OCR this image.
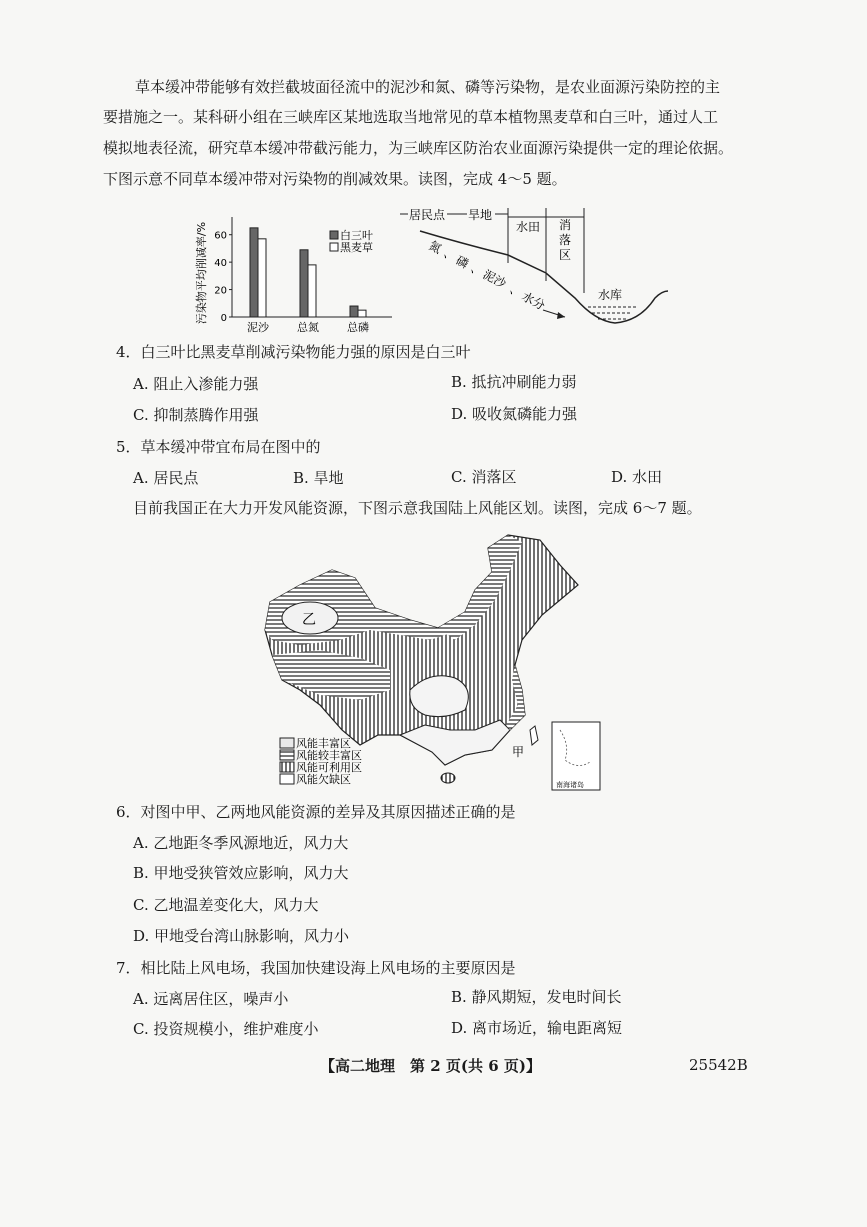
草本缓冲带能够有效拦截坡面径流中的泥沙和氮、磷等污染物，是农业面源污染防控的主
要措施之一。某科研小组在三峡库区某地选取当地常见的草本植物黑麦草和白三叶，通过人工
模拟地表径流，研究草本缓冲带截污能力，为三峡库区防治农业面源污染提供一定的理论依据。
下图示意不同草本缓冲带对污染物的削减效果。读图，完成 4～5 题。
污染物平均削减率/% 0
20
40
60
泥沙	总氮	总磷
白三叶
黑麦草
居民点 旱地
水田 消
落
区
水库
氮
、
磷
、
泥沙
、
水分
4．白三叶比黑麦草削减污染物能力强的原因是白三叶
A. 阻止入渗能力强	B. 抵抗冲刷能力弱
C. 抑制蒸腾作用强	D. 吸收氮磷能力强
5．草本缓冲带宜布局在图中的
A. 居民点	B. 旱地	C. 消落区	D. 水田
目前我国正在大力开发风能资源，下图示意我国陆上风能区划。读图，完成 6～7 题。
乙
甲
南海诸岛
风能丰富区
风能较丰富区
风能可利用区
风能欠缺区
6．对图中甲、乙两地风能资源的差异及其原因描述正确的是
A. 乙地距冬季风源地近，风力大
B. 甲地受狭管效应影响，风力大
C. 乙地温差变化大，风力大
D. 甲地受台湾山脉影响，风力小
7．相比陆上风电场，我国加快建设海上风电场的主要原因是
A. 远离居住区，噪声小	B. 静风期短，发电时间长
C. 投资规模小，维护难度小	D. 离市场近，输电距离短
【高二地理　第 2 页(共 6 页)】	25542B
